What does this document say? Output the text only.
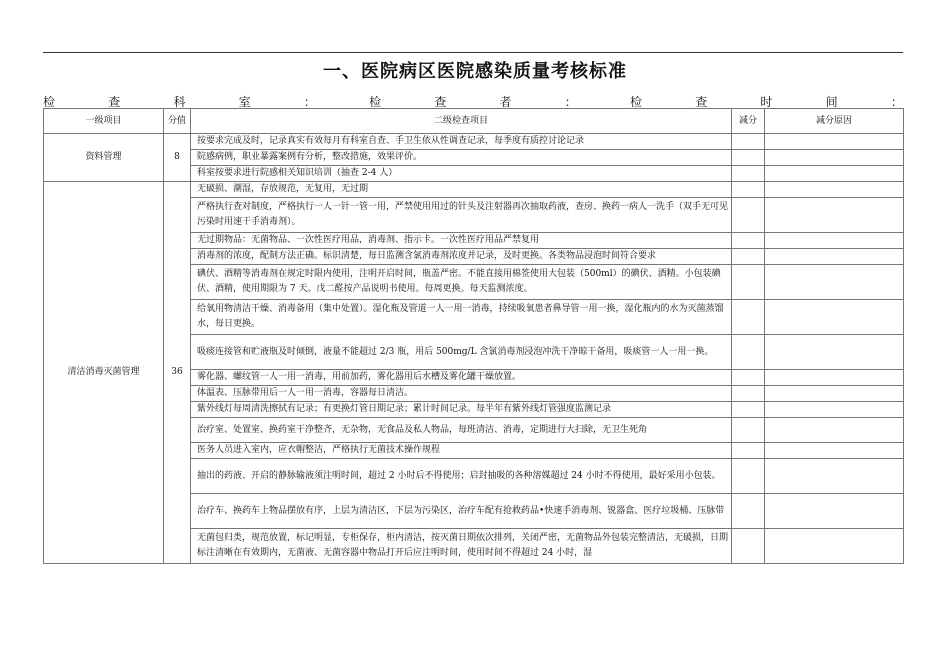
一、医院病区医院感染质量考核标准
检	查	科	室	：	检	查	者	：	检	查	时	间	：
一级项目	分值	二级检查项目	减分	减分原因
资料管理	8	按要求完成及时，记录真实有效每月有科室自查、手卫生依从性调查记录，每季度有质控讨论记录		
		院感病例，职业暴露案例有分析，整改措施，效果评价。		
		科室按要求进行院感相关知识培训（抽查 2-4 人）		
清洁消毒灭菌管理	36	无破损、潮湿，存放规范，无复用，无过期		
		严格执行查对制度，严格执行一人一针一管一用，严禁使用用过的针头及注射器再次抽取药液，查房、换药一病人一洗手（双手无可见污染时用速干手消毒剂）。		
		无过期物品：无菌物品、一次性医疗用品，消毒剂、指示卡。一次性医疗用品严禁复用		
		消毒剂的浓度，配制方法正确。标识清楚，每日监测含氯消毒剂浓度并记录，及时更换。各类物品浸泡时间符合要求		
		碘伏、酒精等消毒剂在规定时限内使用，注明开启时间，瓶盖严密。不能直接用棉签使用大包装（500ml）的碘伏、酒精。小包装碘伏、酒精，使用期限为 7 天。戊二醛按产品说明书使用。每周更换。每天监测浓度。		
		给氧用物清洁干燥、消毒备用（集中处置）。湿化瓶及管道一人一用一消毒，持续吸氧患者鼻导管一用一换，湿化瓶内的水为灭菌蒸馏水，每日更换。		
		吸痰连接管和贮液瓶及时倾倒，液量不能超过 2/3 瓶，用后 500mg/L 含氯消毒剂浸泡冲洗干净晾干备用，吸痰管一人一用一换。		
		雾化器、螺纹管一人一用一消毒，用前加药，雾化器用后水槽及雾化罐干燥放置。		
		体温表、压脉带用后一人一用一消毒，容器每日清洁。		
		紫外线灯每周清洗擦拭有记录；有更换灯管日期记录；累计时间记录。每半年有紫外线灯管强度监测记录		
		治疗室、处置室、换药室干净整齐，无杂物，无食品及私人物品，每班清洁、消毒，定期进行大扫除，无卫生死角		
		医务人员进入室内，应衣帽整洁，严格执行无菌技术操作规程		
		抽出的药液、开启的静脉输液须注明时间，超过 2 小时后不得使用；启封抽吸的各种溶媒超过 24 小时不得使用，最好采用小包装。		
		治疗车、换药车上物品摆放有序，上层为清洁区，下层为污染区，治疗车配有抢救药品•快速手消毒剂、锐器盒、医疗垃圾桶、压脉带		
		无菌包归类，规范放置，标记明显，专柜保存，柜内清洁，按灭菌日期依次排列，关闭严密，无菌物品外包装完整清洁，无破损，日期标注清晰在有效期内，无菌液、无菌容器中物品打开后应注明时间，使用时间不得超过 24 小时，湿		
